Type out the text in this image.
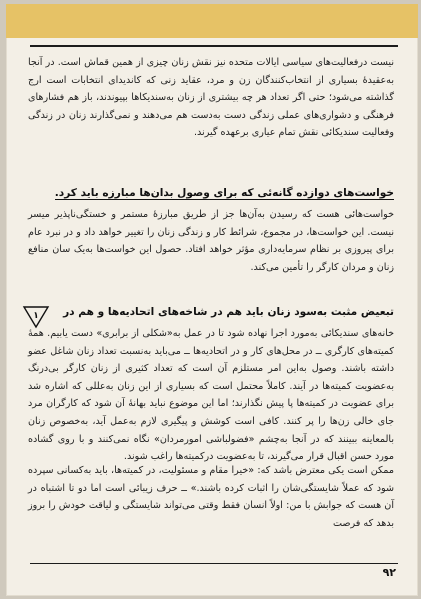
نیست درفعالیت‌های سیاسی ایالات متحده نیز نقش زنان چیزی از همین قماش است. در آنجا به‌عقیدهٔ بسیاری از انتخاب‌کنندگان زن و مرد، عقاید زنی که کاندیدای انتخابات است ارج گذاشته می‌شود؛ حتی اگر تعداد هر چه بیشتری از زنان به‌سندیکاها بپیوندند، باز هم فشارهای فرهنگی و دشواری‌های عملی زندگی دست به‌دست هم می‌دهند و نمی‌گذارند زنان در زندگی وفعالیت سندیکائی نقش تمام عیاری برعهده گیرند.
خواست‌های دوازده گانه‌ئی که برای وصول بدان‌ها مبارزه باید کرد.
خواست‌هائی هست که رسیدن به‌آن‌ها جز از طریق مبارزهٔ مستمر و خستگی‌ناپذیر میسر نیست. این خواست‌ها، در مجموع، شرائط کار و زندگی زنان را تغییر خواهد داد و در نبرد عام برای پیروزی بر نظام سرمایه‌داری مؤثر خواهد افتاد. حصول این خواست‌ها به‌یک سان منافع زنان و مردان کارگر را تأمین می‌کند.
۱	تبعیض مثبت به‌سود زنان باید هم در شاخه‌های اتحادیه‌ها و هم در
خانه‌های سندیکائی به‌مورد اجرا نهاده شود تا در عمل به«شکلی از برابری» دست یابیم. همهٔ کمیته‌های کارگری ــ در محل‌های کار و در اتحادیه‌ها ــ می‌باید به‌نسبت تعداد زنان شاغل عضو داشته باشند. وصول به‌این امر مستلزم آن است که تعداد کثیری از زنان کارگر بی‌درنگ به‌عضویت کمیته‌ها در آیند. کاملاً محتمل است که بسیاری از این زنان به‌عللی که اشاره شد برای عضویت در کمیته‌ها پا پیش نگذارند؛ اما این موضوع نباید بهانهٔ آن شود که کارگران مرد جای خالی زن‌ها را پر کنند. کافی است کوشش و پیگیری لازم به‌عمل آید، به‌خصوص زنان بالمعاینه ببینند که در آنجا به‌چشم «فضولباشی امورمردان» نگاه نمی‌کنند و با روی گشاده مورد حسن اقبال قرار می‌گیرند، تا به‌عضویت درکمیته‌ها راغب شوند.
ممکن است یکی معترض باشد که: «خیرا مقام و مسئولیت، در کمیته‌ها، باید به‌کسانی سپرده شود که عملاً شایستگی‌شان را اثبات کرده باشند.» ــ حرف زیبائی است اما دو تا اشتباه در آن هست که جوابش با من: اولاً انسان فقط وقتی می‌تواند شایستگی و لیاقت خودش را بروز بدهد که فرصت
۹۲
